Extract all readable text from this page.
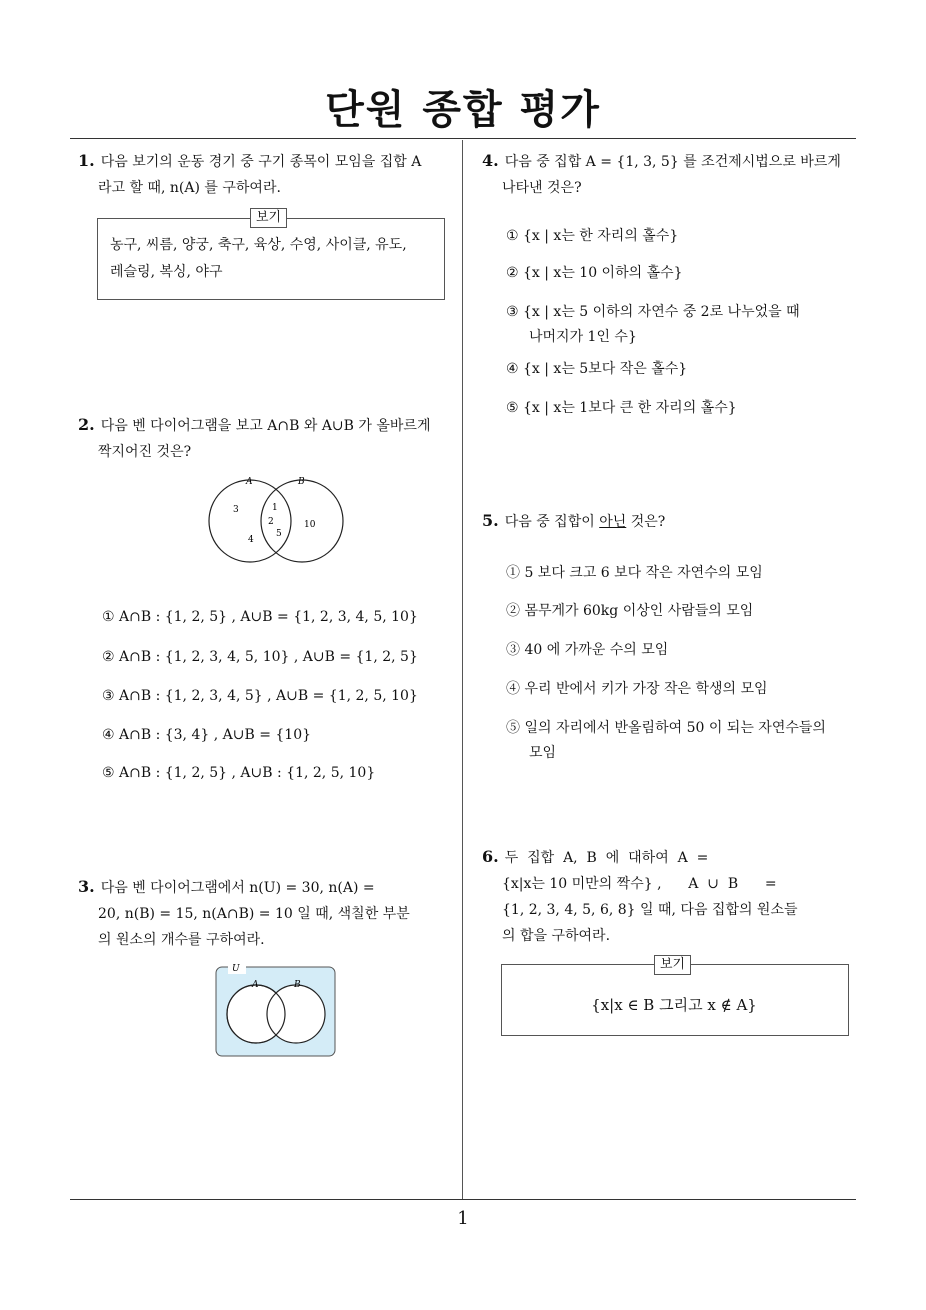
단원 종합 평가
1. 다음 보기의 운동 경기 중 구기 종목이 모임을 집합 A
라고 할 때, n(A) 를 구하여라.
보기
농구, 씨름, 양궁, 축구, 육상, 수영, 사이클, 유도,
레슬링, 복싱, 야구
2. 다음 벤 다이어그램을 보고 A∩B 와 A∪B 가 올바르게
짝지어진 것은?
A	B
3
4
1
2
5
10
① A∩B : {1, 2, 5} , A∪B = {1, 2, 3, 4, 5, 10}
② A∩B : {1, 2, 3, 4, 5, 10} , A∪B = {1, 2, 5}
③ A∩B : {1, 2, 3, 4, 5} , A∪B = {1, 2, 5, 10}
④ A∩B : {3, 4} , A∪B = {10}
⑤ A∩B : {1, 2, 5} , A∪B : {1, 2, 5, 10}
3. 다음 벤 다이어그램에서 n(U) = 30, n(A) =
20, n(B) = 15, n(A∩B) = 10 일 때, 색칠한 부분
의 원소의 개수를 구하여라.
U
A	B
4. 다음 중 집합 A = {1, 3, 5} 를 조건제시법으로 바르게
나타낸 것은?
① {x | x는 한 자리의 홀수}
② {x | x는 10 이하의 홀수}
③ {x | x는 5 이하의 자연수 중 2로 나누었을 때
나머지가 1인 수}
④ {x | x는 5보다 작은 홀수}
⑤ {x | x는 1보다 큰 한 자리의 홀수}
5. 다음 중 집합이 아닌 것은?
① 5 보다 크고 6 보다 작은 자연수의 모임
② 몸무게가 60kg 이상인 사람들의 모임
③ 40 에 가까운 수의 모임
④ 우리 반에서 키가 가장 작은 학생의 모임
⑤ 일의 자리에서 반올림하여 50 이 되는 자연수들의
모임
6. 두  집합  A,  B  에  대하여  A  =
{x|x는 10 미만의 짝수} ,      A  ∪  B      =
{1, 2, 3, 4, 5, 6, 8} 일 때, 다음 집합의 원소들
의 합을 구하여라.
보기
{x|x ∈ B 그리고 x ∉ A}
1
